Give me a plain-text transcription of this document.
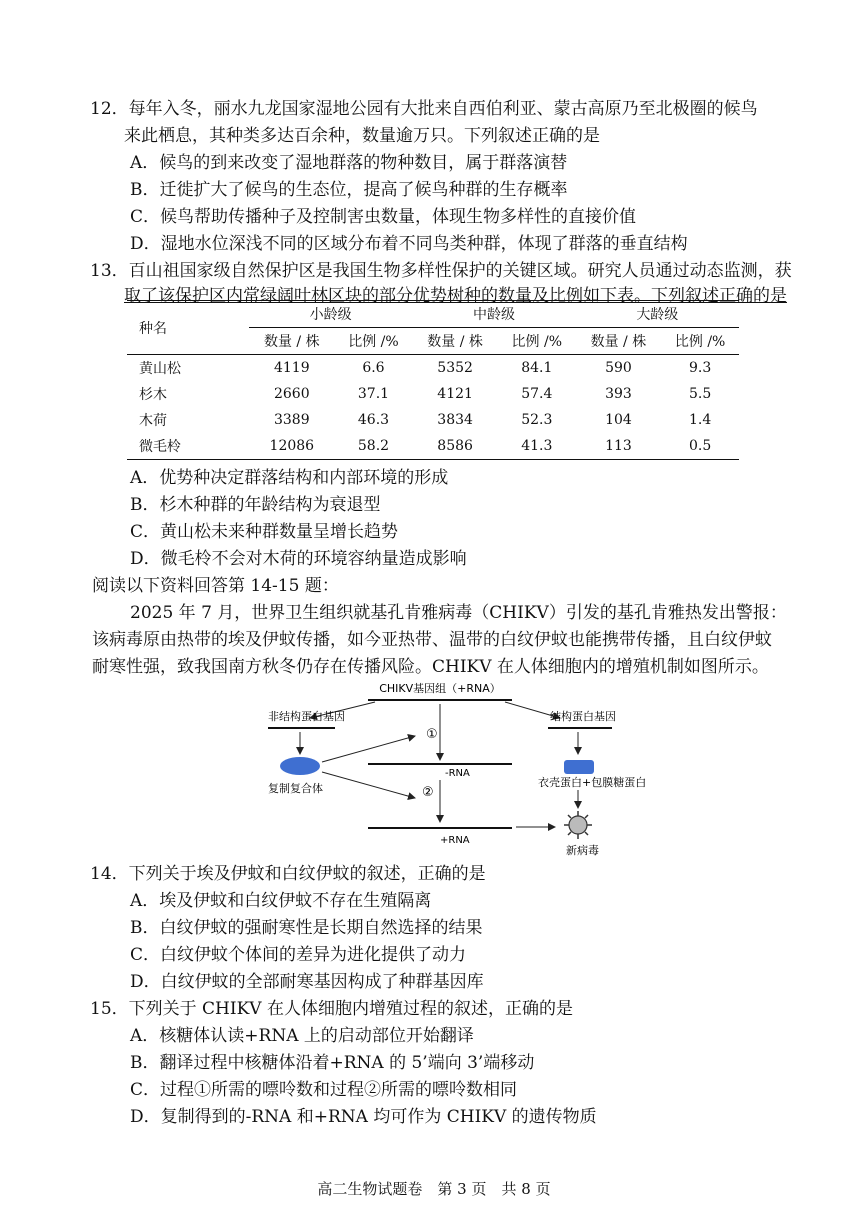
12．每年入冬，丽水九龙国家湿地公园有大批来自西伯利亚、蒙古高原乃至北极圈的候鸟
来此栖息，其种类多达百余种，数量逾万只。下列叙述正确的是
A．候鸟的到来改变了湿地群落的物种数目，属于群落演替
B．迁徙扩大了候鸟的生态位，提高了候鸟种群的生存概率
C．候鸟帮助传播种子及控制害虫数量，体现生物多样性的直接价值
D．湿地水位深浅不同的区域分布着不同鸟类种群，体现了群落的垂直结构
13．百山祖国家级自然保护区是我国生物多样性保护的关键区域。研究人员通过动态监测，获
取了该保护区内常绿阔叶林区块的部分优势树种的数量及比例如下表。下列叙述正确的是
种名	小龄级		中龄级		大龄级	
	数量 / 株	比例 /%	数量 / 株	比例 /%	数量 / 株	比例 /%
黄山松	4119	6.6	5352	84.1	590	9.3
杉木	2660	37.1	4121	57.4	393	5.5
木荷	3389	46.3	3834	52.3	104	1.4
微毛柃	12086	58.2	8586	41.3	113	0.5
A．优势种决定群落结构和内部环境的形成
B．杉木种群的年龄结构为衰退型
C．黄山松未来种群数量呈增长趋势
D．微毛柃不会对木荷的环境容纳量造成影响
阅读以下资料回答第 14-15 题：
2025 年 7 月，世界卫生组织就基孔肯雅病毒（CHIKV）引发的基孔肯雅热发出警报：
该病毒原由热带的埃及伊蚊传播，如今亚热带、温带的白纹伊蚊也能携带传播，且白纹伊蚊
耐寒性强，致我国南方秋冬仍存在传播风险。CHIKV 在人体细胞内的增殖机制如图所示。
CHIKV基因组（+RNA）
非结构蛋白基因
复制复合体
①
②
-RNA
+RNA
结构蛋白基因
衣壳蛋白+包膜糖蛋白
新病毒
14．下列关于埃及伊蚊和白纹伊蚊的叙述，正确的是
A．埃及伊蚊和白纹伊蚊不存在生殖隔离
B．白纹伊蚊的强耐寒性是长期自然选择的结果
C．白纹伊蚊个体间的差异为进化提供了动力
D．白纹伊蚊的全部耐寒基因构成了种群基因库
15．下列关于 CHIKV 在人体细胞内增殖过程的叙述，正确的是
A．核糖体认读+RNA 上的启动部位开始翻译
B．翻译过程中核糖体沿着+RNA 的 5’端向 3’端移动
C．过程①所需的嘌呤数和过程②所需的嘌呤数相同
D．复制得到的-RNA 和+RNA 均可作为 CHIKV 的遗传物质
高二生物试题卷　第 3 页　共 8 页
